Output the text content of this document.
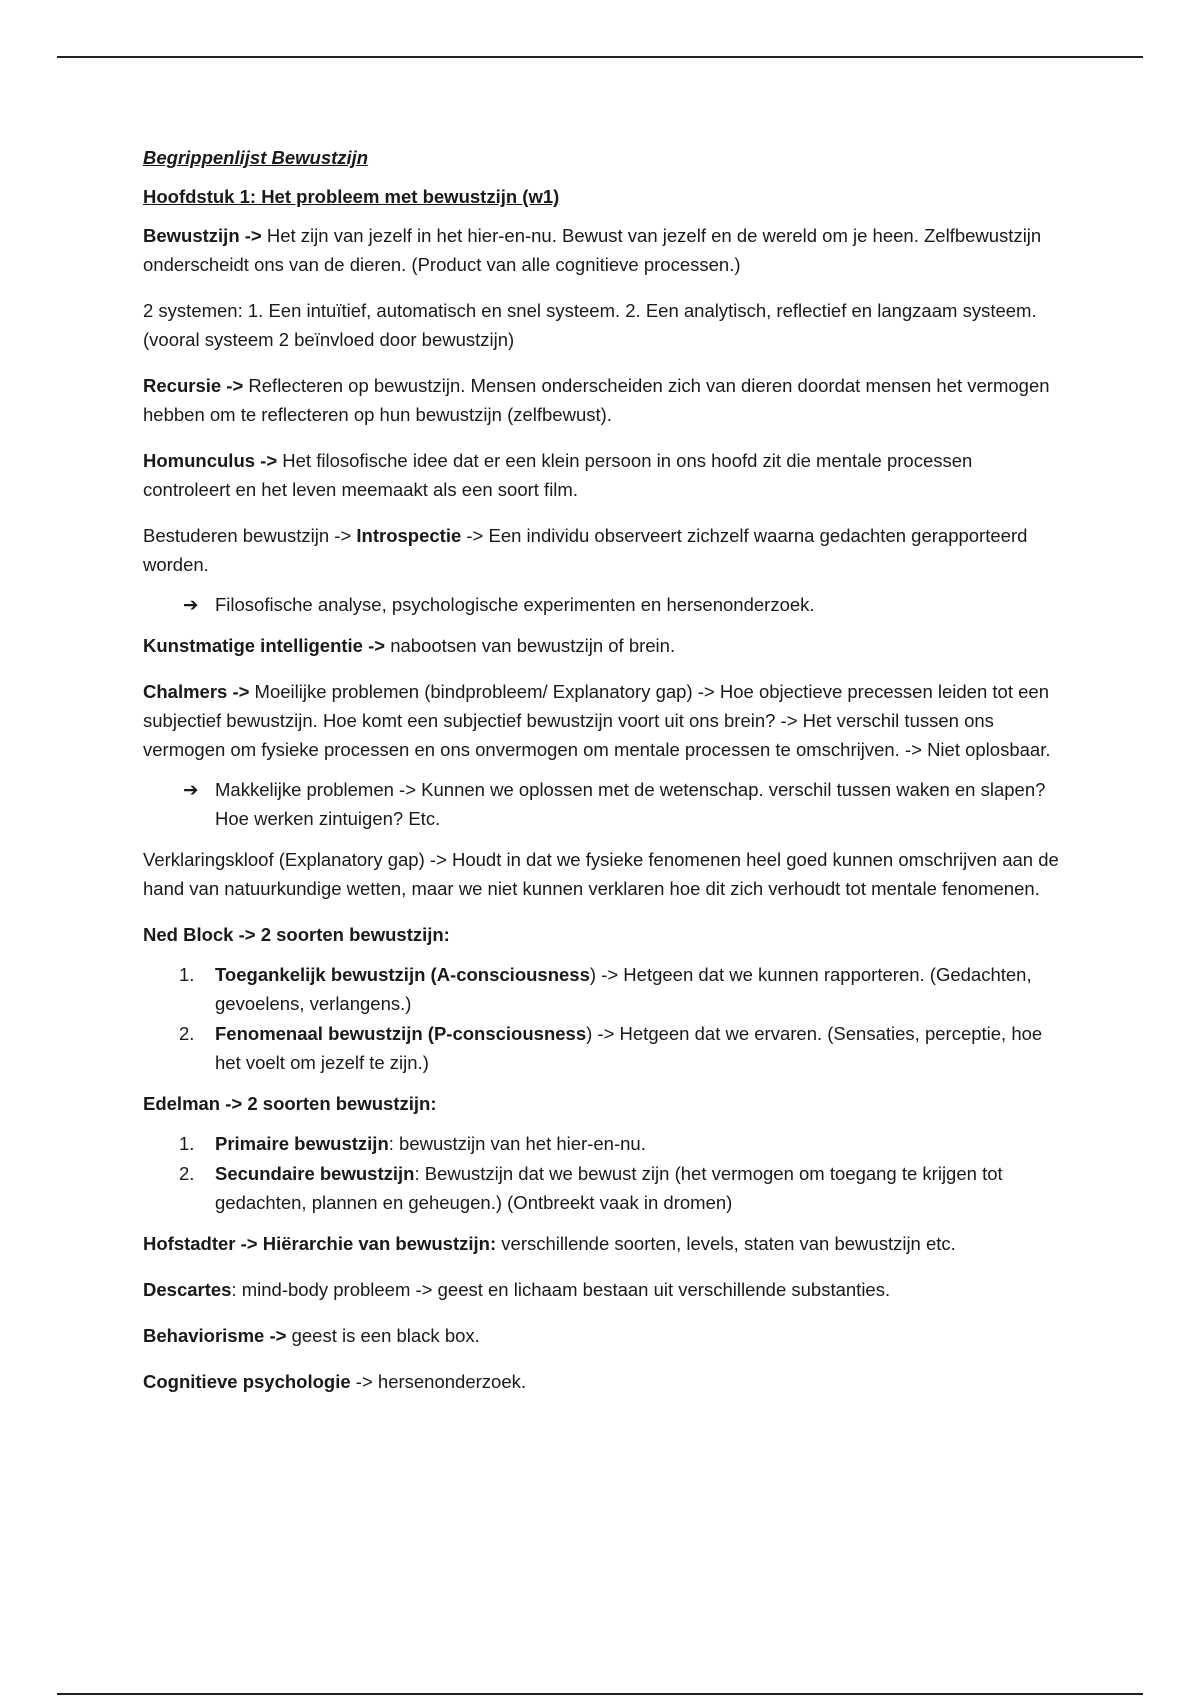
Begrippenlijst Bewustzijn
Hoofdstuk 1: Het probleem met bewustzijn (w1)

Bewustzijn -> Het zijn van jezelf in het hier-en-nu. Bewust van jezelf en de wereld om je heen. Zelfbewustzijn onderscheidt ons van de dieren. (Product van alle cognitieve processen.)

2 systemen: 1. Een intuïtief, automatisch en snel systeem. 2. Een analytisch, reflectief en langzaam systeem. (vooral systeem 2 beïnvloed door bewustzijn)

Recursie -> Reflecteren op bewustzijn. Mensen onderscheiden zich van dieren doordat mensen het vermogen hebben om te reflecteren op hun bewustzijn (zelfbewust).

Homunculus -> Het filosofische idee dat er een klein persoon in ons hoofd zit die mentale processen controleert en het leven meemaakt als een soort film.

Bestuderen bewustzijn -> Introspectie -> Een individu observeert zichzelf waarna gedachten gerapporteerd worden.

➔ Filosofische analyse, psychologische experimenten en hersenonderzoek.

Kunstmatige intelligentie -> nabootsen van bewustzijn of brein.

Chalmers -> Moeilijke problemen (bindprobleem/ Explanatory gap) -> Hoe objectieve precessen leiden tot een subjectief bewustzijn. Hoe komt een subjectief bewustzijn voort uit ons brein? -> Het verschil tussen ons vermogen om fysieke processen en ons onvermogen om mentale processen te omschrijven. -> Niet oplosbaar.

➔ Makkelijke problemen -> Kunnen we oplossen met de wetenschap. verschil tussen waken en slapen? Hoe werken zintuigen? Etc.

Verklaringskloof (Explanatory gap) -> Houdt in dat we fysieke fenomenen heel goed kunnen omschrijven aan de hand van natuurkundige wetten, maar we niet kunnen verklaren hoe dit zich verhoudt tot mentale fenomenen.

Ned Block -> 2 soorten bewustzijn:

1. Toegankelijk bewustzijn (A-consciousness) -> Hetgeen dat we kunnen rapporteren. (Gedachten, gevoelens, verlangens.)
2. Fenomenaal bewustzijn (P-consciousness) -> Hetgeen dat we ervaren. (Sensaties, perceptie, hoe het voelt om jezelf te zijn.)

Edelman -> 2 soorten bewustzijn:

1. Primaire bewustzijn: bewustzijn van het hier-en-nu.
2. Secundaire bewustzijn: Bewustzijn dat we bewust zijn (het vermogen om toegang te krijgen tot gedachten, plannen en geheugen.) (Ontbreekt vaak in dromen)

Hofstadter -> Hiërarchie van bewustzijn: verschillende soorten, levels, staten van bewustzijn etc.

Descartes: mind-body probleem -> geest en lichaam bestaan uit verschillende substanties.

Behaviorisme -> geest is een black box.

Cognitieve psychologie -> hersenonderzoek.
